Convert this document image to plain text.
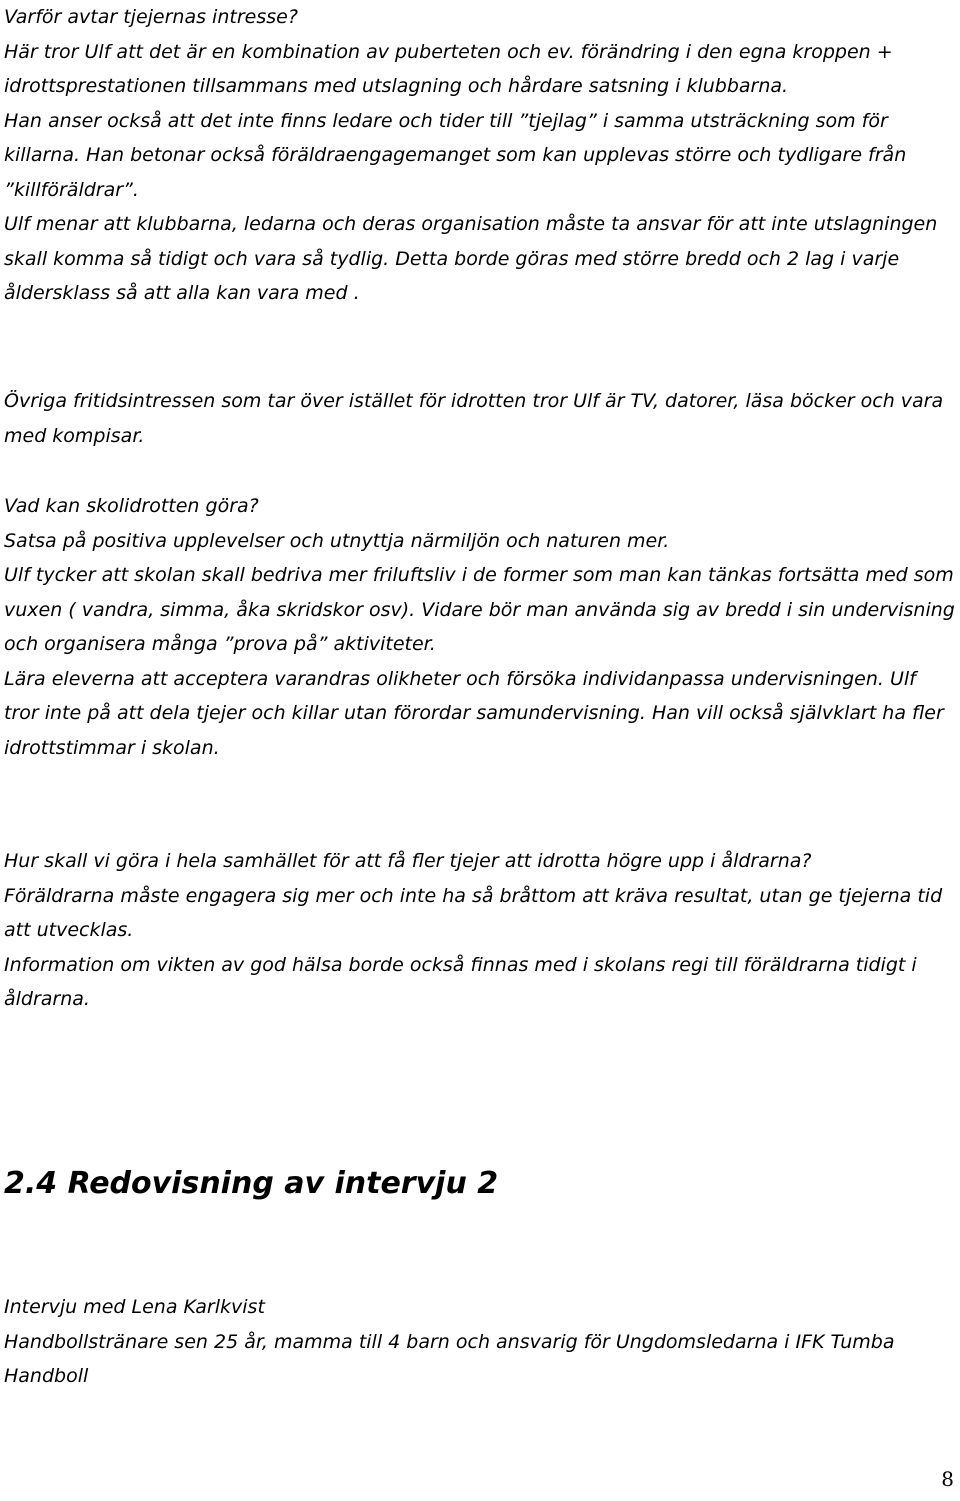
Varför avtar tjejernas intresse?

Här tror Ulf att det är en kombination av puberteten och ev. förändring i den egna kroppen + idrottsprestationen tillsammans med utslagning och hårdare satsning i klubbarna.

Han anser också att det inte finns ledare och tider till ”tjejlag” i samma utsträckning som för killarna. Han betonar också föräldraengagemanget som kan upplevas större och tydligare från ”killföräldrar”.

Ulf menar att klubbarna, ledarna och deras organisation måste ta ansvar för att inte utslagningen skall komma så tidigt och vara så tydlig. Detta borde göras med större bredd och 2 lag i varje åldersklass så att alla kan vara med .

Övriga fritidsintressen som tar över istället för idrotten tror Ulf är TV, datorer, läsa böcker och vara med kompisar.

Vad kan skolidrotten göra?

Satsa på positiva upplevelser och utnyttja närmiljön och naturen mer.

Ulf tycker att skolan skall bedriva mer friluftsliv i de former som man kan tänkas fortsätta med som vuxen ( vandra, simma, åka skridskor osv). Vidare bör man använda sig av bredd i sin undervisning och organisera många ”prova på” aktiviteter.

Lära eleverna att acceptera varandras olikheter och försöka individanpassa undervisningen. Ulf tror inte på att dela tjejer och killar utan förordar samundervisning. Han vill också självklart ha fler idrottstimmar i skolan.

Hur skall vi göra i hela samhället för att få fler tjejer att idrotta högre upp i åldrarna?

Föräldrarna måste engagera sig mer och inte ha så bråttom att kräva resultat, utan ge tjejerna tid att utvecklas.

Information om vikten av god hälsa borde också finnas med i skolans regi till föräldrarna tidigt i åldrarna.

2.4 Redovisning av intervju 2

Intervju med Lena Karlkvist

Handbollstränare sen 25 år, mamma till 4 barn och ansvarig för Ungdomsledarna i IFK Tumba Handboll

8
